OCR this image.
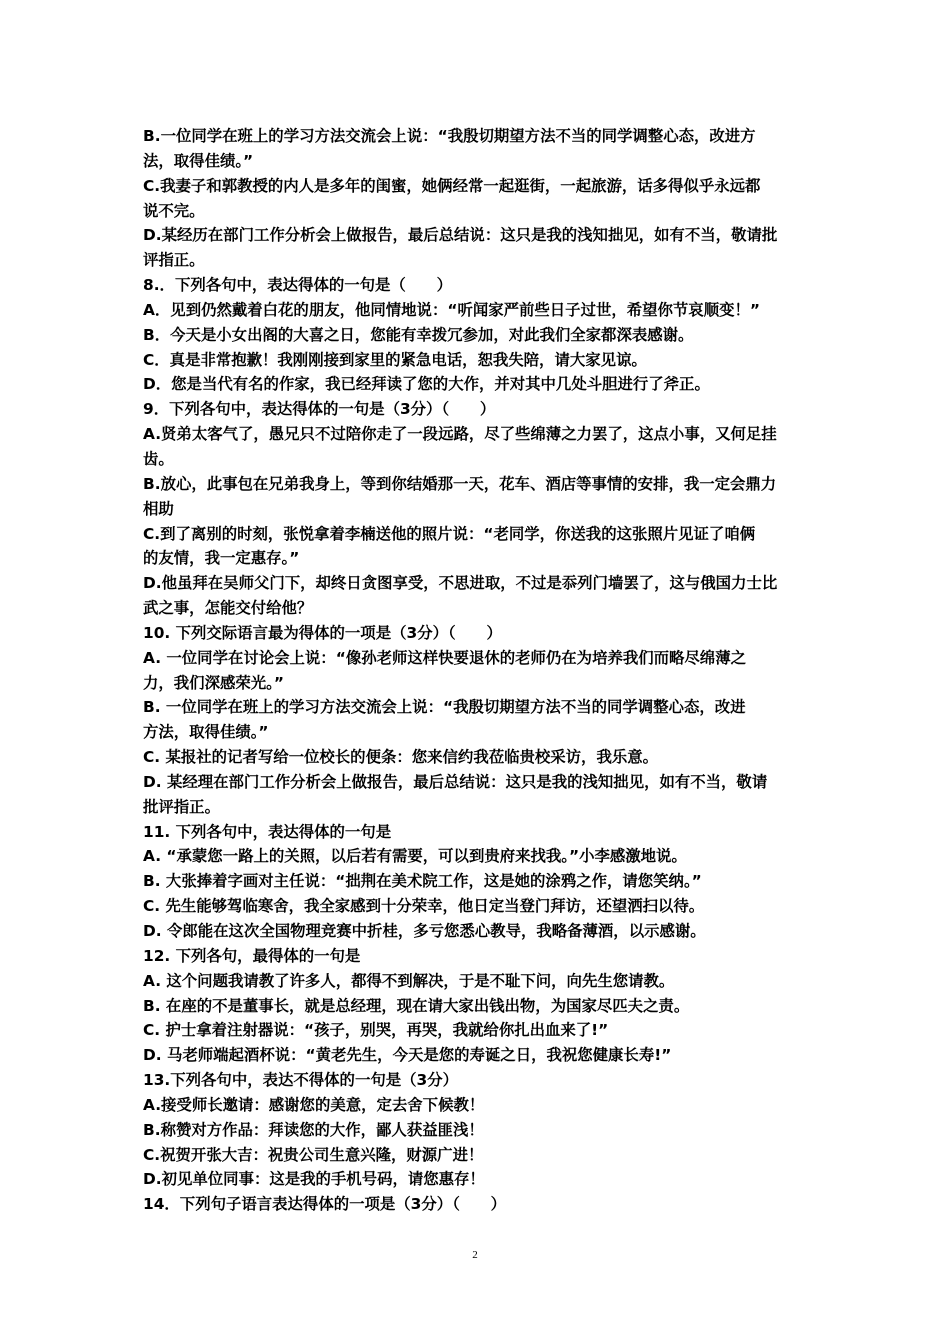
B.一位同学在班上的学习方法交流会上说：“我殷切期望方法不当的同学调整心态，改进方
法，取得佳绩。”
C.我妻子和郭教授的内人是多年的闺蜜，她俩经常一起逛街，一起旅游，话多得似乎永远都
说不完。
D.某经历在部门工作分析会上做报告，最后总结说：这只是我的浅知拙见，如有不当，敬请批
评指正。
8.．下列各句中，表达得体的一句是（　　）
A．见到仍然戴着白花的朋友，他同情地说：“听闻家严前些日子过世，希望你节哀顺变！”
B．今天是小女出阁的大喜之日，您能有幸拨冗参加，对此我们全家都深表感谢。
C．真是非常抱歉！我刚刚接到家里的紧急电话，恕我失陪，请大家见谅。
D．您是当代有名的作家，我已经拜读了您的大作，并对其中几处斗胆进行了斧正。
9．下列各句中，表达得体的一句是（3分）（　　）
A.贤弟太客气了，愚兄只不过陪你走了一段远路，尽了些绵薄之力罢了，这点小事，又何足挂
齿。
B.放心，此事包在兄弟我身上，等到你结婚那一天，花车、酒店等事情的安排，我一定会鼎力
相助
C.到了离别的时刻，张悦拿着李楠送他的照片说：“老同学，你送我的这张照片见证了咱俩
的友情，我一定惠存。”
D.他虽拜在吴师父门下，却终日贪图享受，不思进取，不过是忝列门墙罢了，这与俄国力士比
武之事，怎能交付给他？
10. 下列交际语言最为得体的一项是（3分）（　　）
A. 一位同学在讨论会上说：“像孙老师这样快要退休的老师仍在为培养我们而略尽绵薄之
力，我们深感荣光。”
B. 一位同学在班上的学习方法交流会上说：“我殷切期望方法不当的同学调整心态，改进
方法，取得佳绩。”
C. 某报社的记者写给一位校长的便条：您来信约我莅临贵校采访，我乐意。
D. 某经理在部门工作分析会上做报告，最后总结说：这只是我的浅知拙见，如有不当，敬请
批评指正。
11. 下列各句中，表达得体的一句是
A. “承蒙您一路上的关照，以后若有需要，可以到贵府来找我。”小李感激地说。
B. 大张捧着字画对主任说：“拙荆在美术院工作，这是她的涂鸦之作，请您笑纳。”
C. 先生能够驾临寒舍，我全家感到十分荣幸，他日定当登门拜访，还望洒扫以待。
D. 令郎能在这次全国物理竞赛中折桂，多亏您悉心教导，我略备薄酒，以示感谢。
12. 下列各句，最得体的一句是
A. 这个问题我请教了许多人，都得不到解决，于是不耻下问，向先生您请教。
B. 在座的不是董事长，就是总经理，现在请大家出钱出物，为国家尽匹夫之责。
C. 护士拿着注射器说：“孩子，别哭，再哭，我就给你扎出血来了!”
D. 马老师端起酒杯说：“黄老先生，今天是您的寿诞之日，我祝您健康长寿!”
13.下列各句中，表达不得体的一句是（3分）
A.接受师长邀请：感谢您的美意，定去舍下候教！
B.称赞对方作品：拜读您的大作，鄙人获益匪浅！
C.祝贺开张大吉：祝贵公司生意兴隆，财源广进！
D.初见单位同事：这是我的手机号码，请您惠存！
14．下列句子语言表达得体的一项是（3分）（　　）
2
